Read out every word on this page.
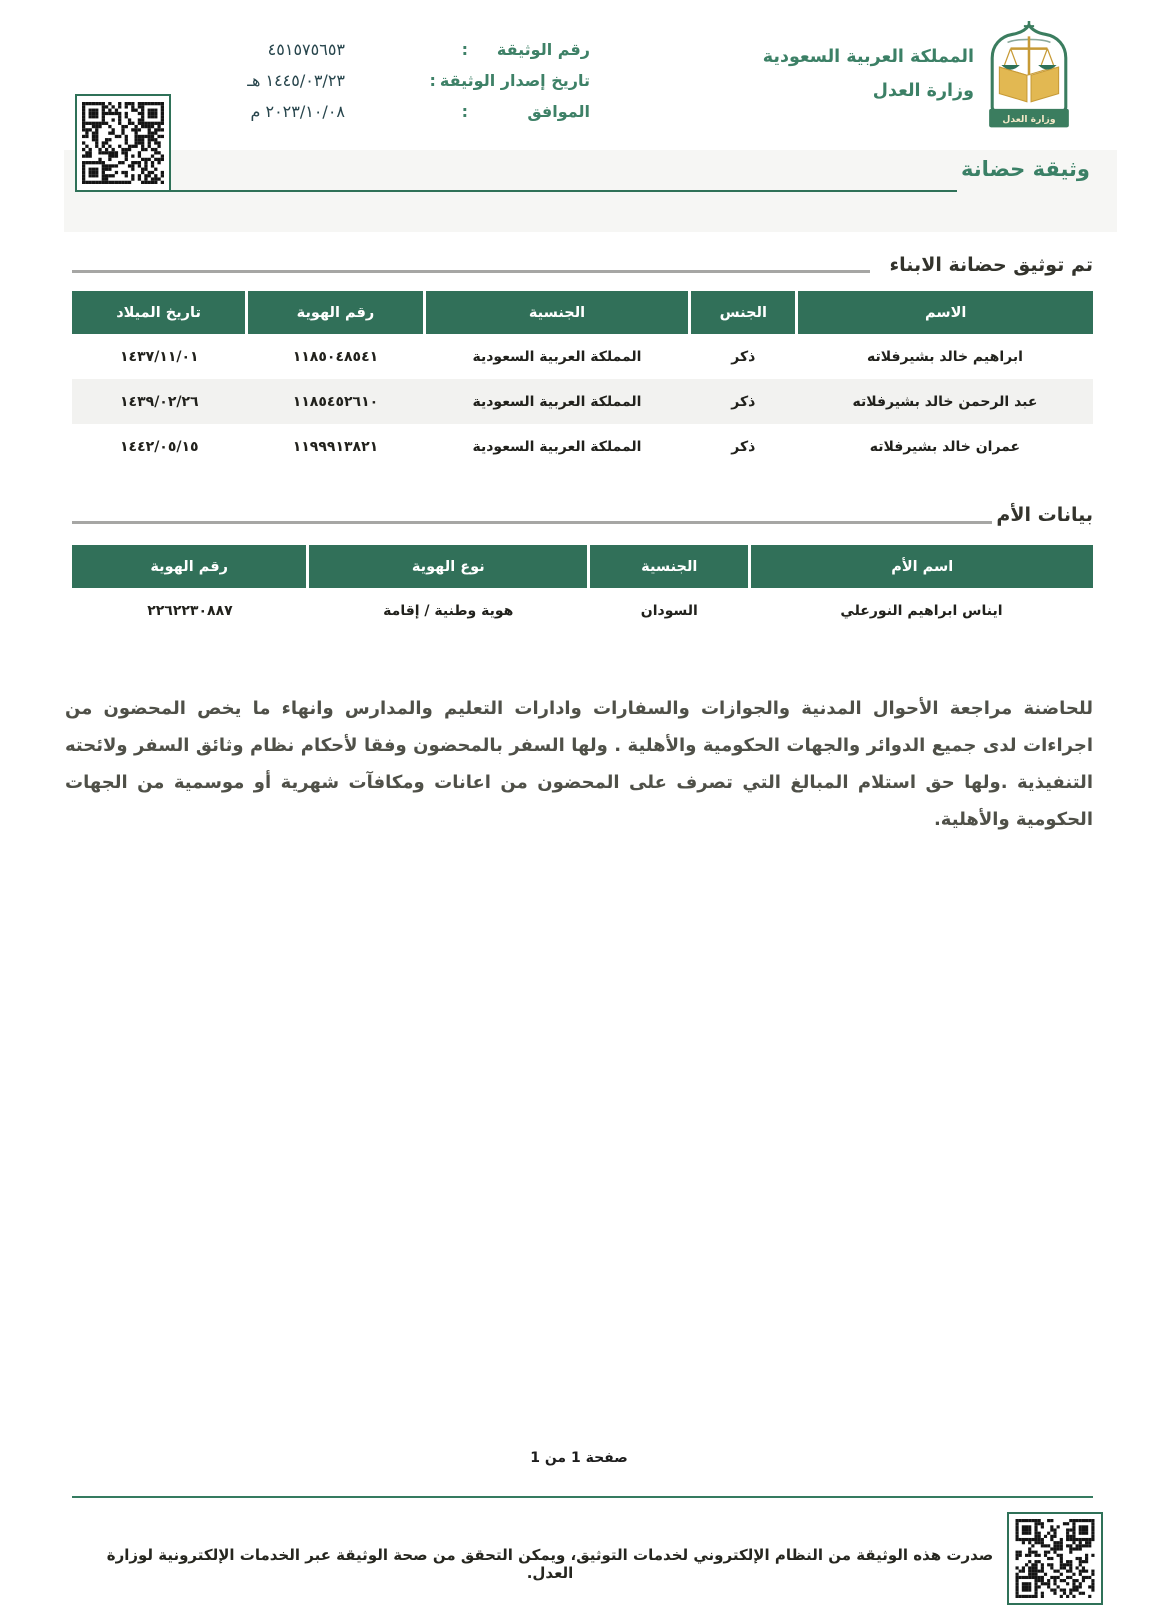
وزارة العدل
المملكة العربية السعودية
وزارة العدل
رقم الوثيقة
:
٤٥١٥٧٥٦٥٣
تاريخ إصدار الوثيقة
:
١٤٤٥/٠٣/٢٣ هـ
الموافق
:
٢٠٢٣/١٠/٠٨ م
وثيقة حضانة
تم توثيق حضانة الابناء
الاسم	الجنس	الجنسية	رقم الهوية	تاريخ الميلاد
ابراهيم خالد بشيرفلاته	ذكر	المملكة العربية السعودية	١١٨٥٠٤٨٥٤١	١٤٣٧/١١/٠١
عبد الرحمن خالد بشيرفلاته	ذكر	المملكة العربية السعودية	١١٨٥٤٥٢٦١٠	١٤٣٩/٠٢/٢٦
عمران خالد بشيرفلاته	ذكر	المملكة العربية السعودية	١١٩٩٩١٣٨٢١	١٤٤٢/٠٥/١٥
بيانات الأم
اسم الأم	الجنسية	نوع الهوية	رقم الهوية
ايناس ابراهيم النورعلي	السودان	هوية وطنية / إقامة	٢٢٦٢٢٣٠٨٨٧
للحاضنة مراجعة الأحوال المدنية والجوازات والسفارات وادارات التعليم والمدارس وانهاء ما يخص المحضون من اجراءات لدى جميع الدوائر والجهات الحكومية والأهلية . ولها السفر بالمحضون وفقا لأحكام نظام وثائق السفر ولائحته التنفيذية .ولها حق استلام المبالغ التي تصرف على المحضون من اعانات ومكافآت شهرية أو موسمية من الجهات الحكومية والأهلية.
صفحة 1 من 1
صدرت هذه الوثيقة من النظام الإلكتروني لخدمات التوثيق، ويمكن التحقق من صحة الوثيقة عبر الخدمات الإلكترونية لوزارة العدل.
